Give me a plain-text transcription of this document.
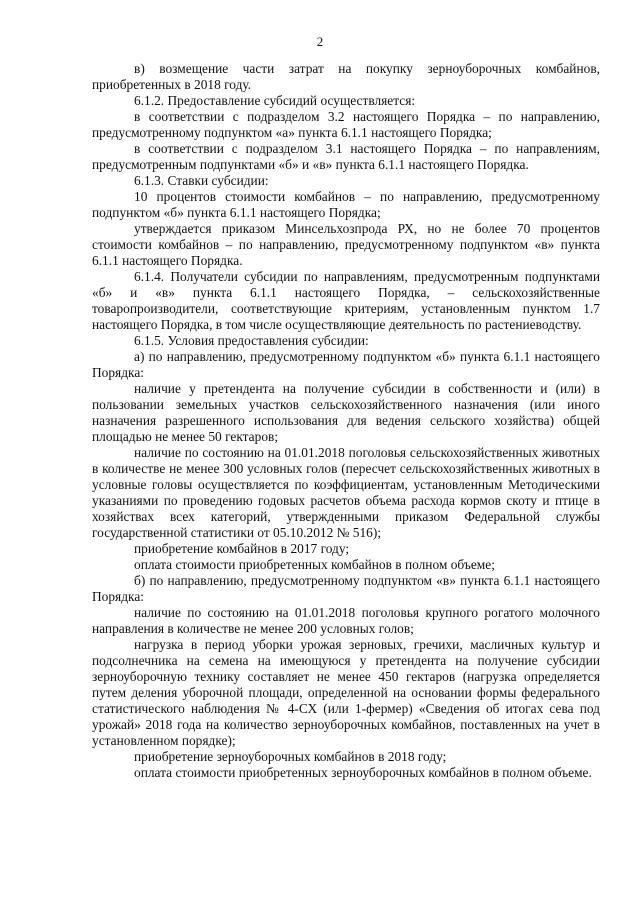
2

в) возмещение части затрат на покупку зерноуборочных комбайнов, приобретенных в 2018 году.

6.1.2. Предоставление субсидий осуществляется:

в соответствии с подразделом 3.2 настоящего Порядка – по направлению, предусмотренному подпунктом «а» пункта 6.1.1 настоящего Порядка;

в соответствии с подразделом 3.1 настоящего Порядка – по направлениям, предусмотренным подпунктами «б» и «в» пункта 6.1.1 настоящего Порядка.

6.1.3. Ставки субсидии:

10 процентов стоимости комбайнов – по направлению, предусмотренному подпунктом «б» пункта 6.1.1 настоящего Порядка;

утверждается приказом Минсельхозпрода РХ, но не более 70 процентов стоимости комбайнов – по направлению, предусмотренному подпунктом «в» пункта 6.1.1 настоящего Порядка.

6.1.4. Получатели субсидии по направлениям, предусмотренным подпунктами «б» и «в» пункта 6.1.1 настоящего Порядка, – сельскохозяйственные товаропроизводители, соответствующие критериям, установленным пунктом 1.7 настоящего Порядка, в том числе осуществляющие деятельность по растениеводству.

6.1.5. Условия предоставления субсидии:

а) по направлению, предусмотренному подпунктом «б» пункта 6.1.1 настоящего Порядка:

наличие у претендента на получение субсидии в собственности и (или) в пользовании земельных участков сельскохозяйственного назначения (или иного назначения разрешенного использования для ведения сельского хозяйства) общей площадью не менее 50 гектаров;

наличие по состоянию на 01.01.2018 поголовья сельскохозяйственных животных в количестве не менее 300 условных голов (пересчет сельскохозяйственных животных в условные головы осуществляется по коэффициентам, установленным Методическими указаниями по проведению годовых расчетов объема расхода кормов скоту и птице в хозяйствах всех категорий, утвержденными приказом Федеральной службы государственной статистики от 05.10.2012 № 516);

приобретение комбайнов в 2017 году;

оплата стоимости приобретенных комбайнов в полном объеме;

б) по направлению, предусмотренному подпунктом «в» пункта 6.1.1 настоящего Порядка:

наличие по состоянию на 01.01.2018 поголовья крупного рогатого молочного направления в количестве не менее 200 условных голов;

нагрузка в период уборки урожая зерновых, гречихи, масличных культур и подсолнечника на семена на имеющуюся у претендента на получение субсидии зерноуборочную технику составляет не менее 450 гектаров (нагрузка определяется путем деления уборочной площади, определенной на основании формы федерального статистического наблюдения № 4-СХ (или 1-фермер) «Сведения об итогах сева под урожай» 2018 года на количество зерноуборочных комбайнов, поставленных на учет в установленном порядке);

приобретение зерноуборочных комбайнов в 2018 году;

оплата стоимости приобретенных зерноуборочных комбайнов в полном объеме.
